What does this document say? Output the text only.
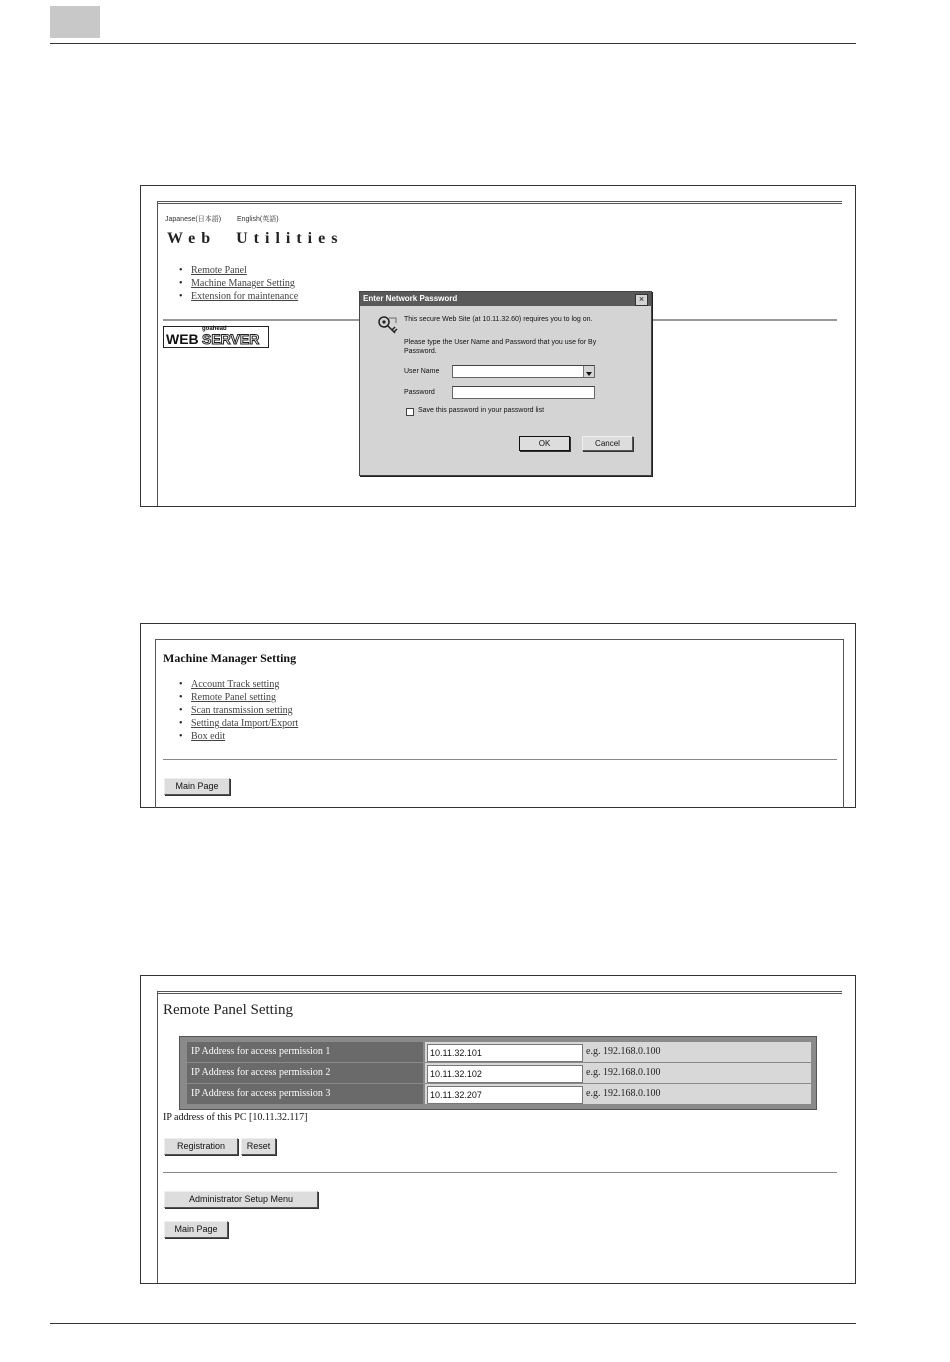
Japanese(日本語) English(英語)
Web  Utilities
• Remote Panel
• Machine Manager Setting
• Extension for maintenance
goahead
WEB SERVER
Enter Network Password	×
This secure Web Site (at 10.11.32.60) requires you to log on.
Please type the User Name and Password that you use for By Password.
User Name
Password
Save this password in your password list
OK	Cancel
Machine Manager Setting
• Account Track setting
• Remote Panel setting
• Scan transmission setting
• Setting data Import/Export
• Box edit
Main Page
Remote Panel Setting
IP Address for access permission 1	10.11.32.101	e.g. 192.168.0.100
IP Address for access permission 2	10.11.32.102	e.g. 192.168.0.100
IP Address for access permission 3	10.11.32.207	e.g. 192.168.0.100
IP address of this PC [10.11.32.117]
Registration	Reset
Administrator Setup Menu
Main Page
